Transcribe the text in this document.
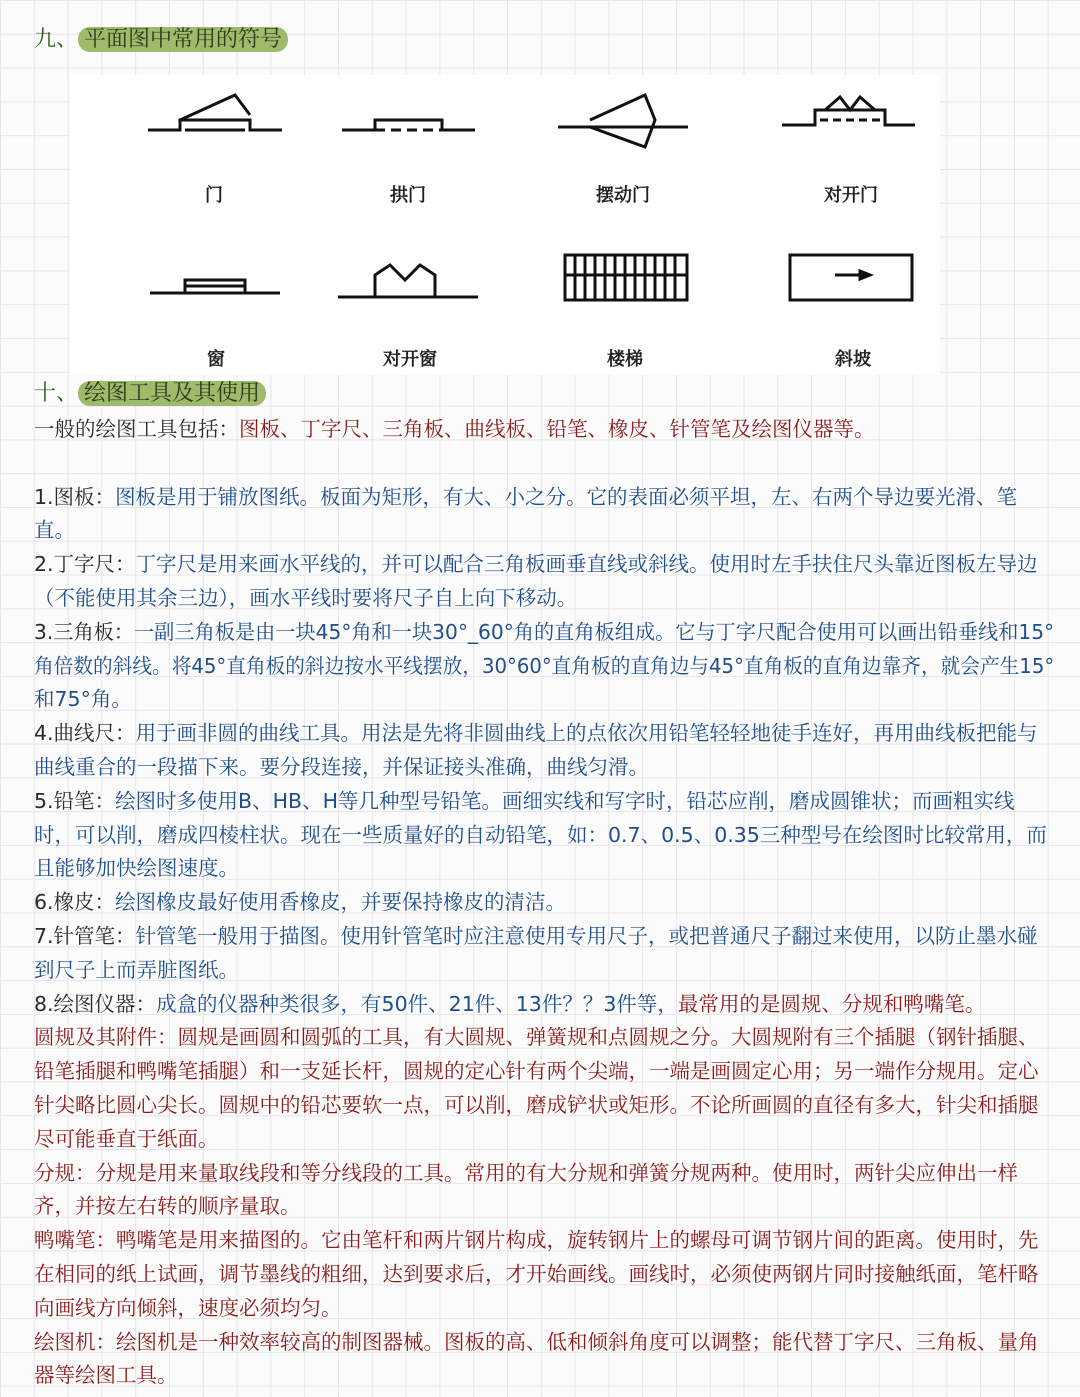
九、 平面图中常用的符号
门	拱门	摆动门	对开门
窗	对开窗	楼梯	斜坡
十、 绘图工具及其使用
一般的绘图工具包括：图板、丁字尺、三角板、曲线板、铅笔、橡皮、针管笔及绘图仪器等。
1.图板：图板是用于铺放图纸。板面为矩形，有大、小之分。它的表面必须平坦，左、右两个导边要光滑、笔
直。
2.丁字尺：丁字尺是用来画水平线的，并可以配合三角板画垂直线或斜线。使用时左手扶住尺头靠近图板左导边
（不能使用其余三边），画水平线时要将尺子自上向下移动。
3.三角板：一副三角板是由一块45°角和一块30°_60°角的直角板组成。它与丁字尺配合使用可以画出铅垂线和15°
角倍数的斜线。将45°直角板的斜边按水平线摆放，30°60°直角板的直角边与45°直角板的直角边靠齐，就会产生15°
和75°角。
4.曲线尺：用于画非圆的曲线工具。用法是先将非圆曲线上的点依次用铅笔轻轻地徒手连好，再用曲线板把能与
曲线重合的一段描下来。要分段连接，并保证接头准确，曲线匀滑。
5.铅笔：绘图时多使用B、HB、H等几种型号铅笔。画细实线和写字时，铅芯应削，磨成圆锥状；而画粗实线
时，可以削，磨成四棱柱状。现在一些质量好的自动铅笔，如：0.7、0.5、0.35三种型号在绘图时比较常用，而
且能够加快绘图速度。
6.橡皮：绘图橡皮最好使用香橡皮，并要保持橡皮的清洁。
7.针管笔：针管笔一般用于描图。使用针管笔时应注意使用专用尺子，或把普通尺子翻过来使用，以防止墨水碰
到尺子上而弄脏图纸。
8.绘图仪器：成盒的仪器种类很多，有50件、21件、13件？？3件等，最常用的是圆规、分规和鸭嘴笔。
圆规及其附件：圆规是画圆和圆弧的工具，有大圆规、弹簧规和点圆规之分。大圆规附有三个插腿（钢针插腿、
铅笔插腿和鸭嘴笔插腿）和一支延长杆，圆规的定心针有两个尖端，一端是画圆定心用；另一端作分规用。定心
针尖略比圆心尖长。圆规中的铅芯要软一点，可以削，磨成铲状或矩形。不论所画圆的直径有多大，针尖和插腿
尽可能垂直于纸面。
分规：分规是用来量取线段和等分线段的工具。常用的有大分规和弹簧分规两种。使用时，两针尖应伸出一样
齐，并按左右转的顺序量取。
鸭嘴笔：鸭嘴笔是用来描图的。它由笔杆和两片钢片构成，旋转钢片上的螺母可调节钢片间的距离。使用时，先
在相同的纸上试画，调节墨线的粗细，达到要求后，才开始画线。画线时，必须使两钢片同时接触纸面，笔杆略
向画线方向倾斜，速度必须均匀。
绘图机：绘图机是一种效率较高的制图器械。图板的高、低和倾斜角度可以调整；能代替丁字尺、三角板、量角
器等绘图工具。
